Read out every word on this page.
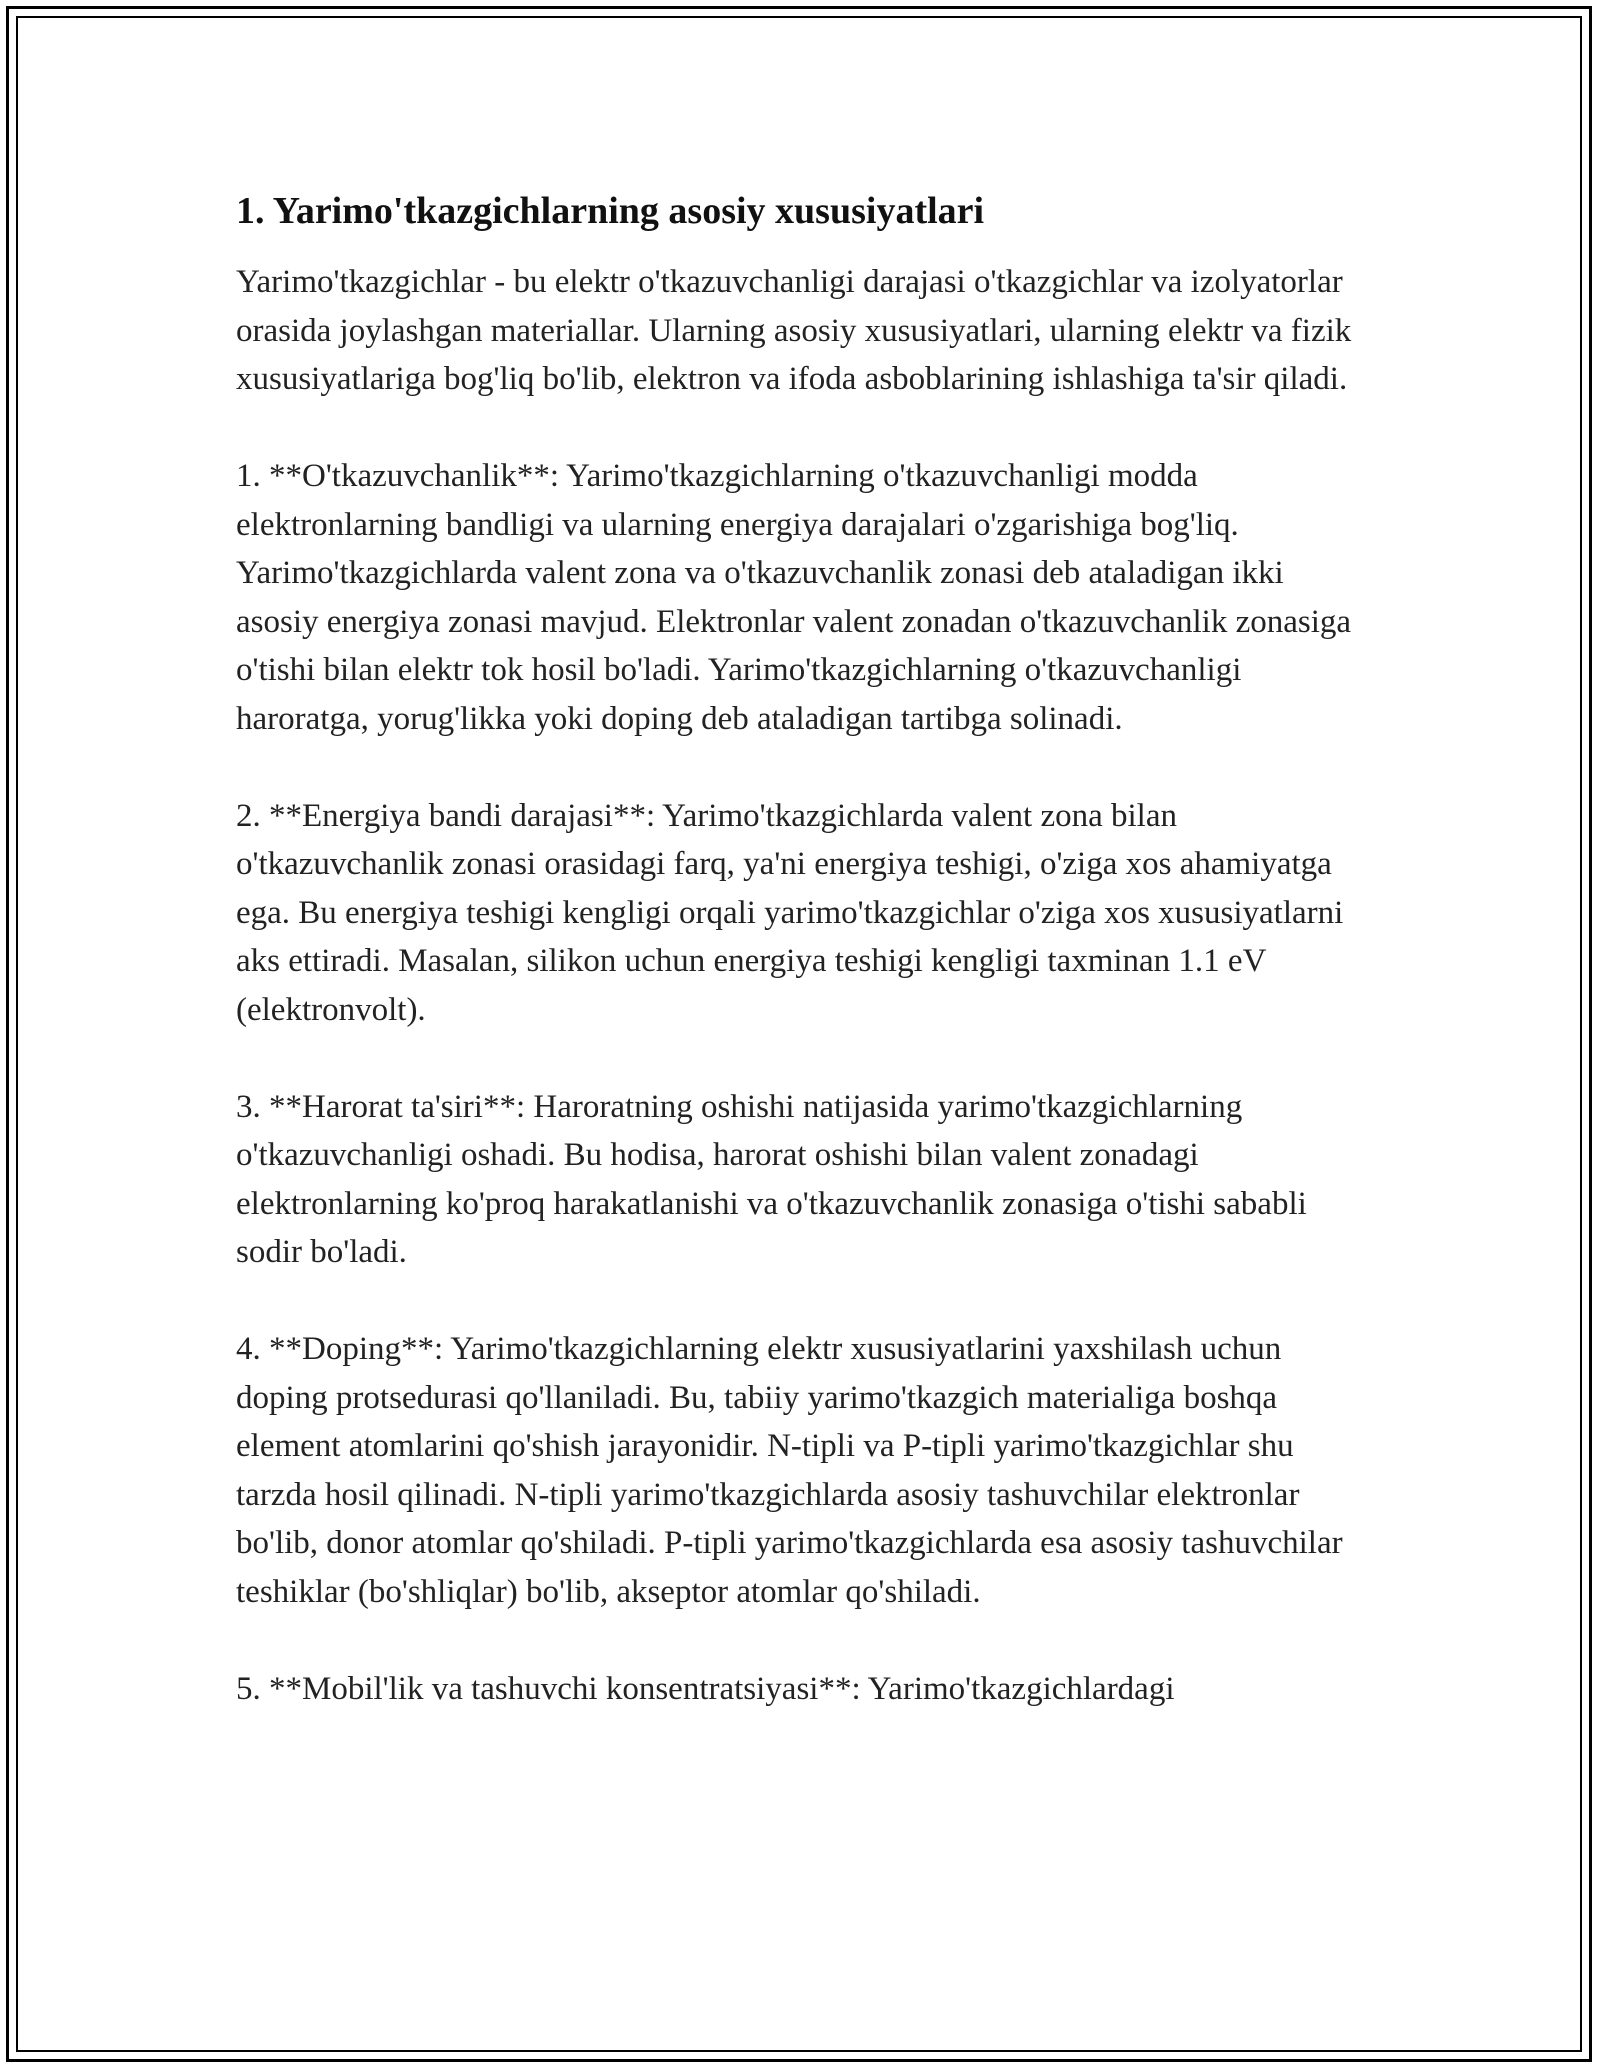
1. Yarimo'tkazgichlarning asosiy xususiyatlari

Yarimo'tkazgichlar - bu elektr o'tkazuvchanligi darajasi o'tkazgichlar va izolyatorlar orasida joylashgan materiallar. Ularning asosiy xususiyatlari, ularning elektr va fizik xususiyatlariga bog'liq bo'lib, elektron va ifoda asboblarining ishlashiga ta'sir qiladi.

1. **O'tkazuvchanlik**: Yarimo'tkazgichlarning o'tkazuvchanligi modda elektronlarning bandligi va ularning energiya darajalari o'zgarishiga bog'liq. Yarimo'tkazgichlarda valent zona va o'tkazuvchanlik zonasi deb ataladigan ikki asosiy energiya zonasi mavjud. Elektronlar valent zonadan o'tkazuvchanlik zonasiga o'tishi bilan elektr tok hosil bo'ladi. Yarimo'tkazgichlarning o'tkazuvchanligi haroratga, yorug'likka yoki doping deb ataladigan tartibga solinadi.

2. **Energiya bandi darajasi**: Yarimo'tkazgichlarda valent zona bilan o'tkazuvchanlik zonasi orasidagi farq, ya'ni energiya teshigi, o'ziga xos ahamiyatga ega. Bu energiya teshigi kengligi orqali yarimo'tkazgichlar o'ziga xos xususiyatlarni aks ettiradi. Masalan, silikon uchun energiya teshigi kengligi taxminan 1.1 eV (elektronvolt).

3. **Harorat ta'siri**: Haroratning oshishi natijasida yarimo'tkazgichlarning o'tkazuvchanligi oshadi. Bu hodisa, harorat oshishi bilan valent zonadagi elektronlarning ko'proq harakatlanishi va o'tkazuvchanlik zonasiga o'tishi sababli sodir bo'ladi.

4. **Doping**: Yarimo'tkazgichlarning elektr xususiyatlarini yaxshilash uchun doping protsedurasi qo'llaniladi. Bu, tabiiy yarimo'tkazgich materialiga boshqa element atomlarini qo'shish jarayonidir. N-tipli va P-tipli yarimo'tkazgichlar shu tarzda hosil qilinadi. N-tipli yarimo'tkazgichlarda asosiy tashuvchilar elektronlar bo'lib, donor atomlar qo'shiladi. P-tipli yarimo'tkazgichlarda esa asosiy tashuvchilar teshiklar (bo'shliqlar) bo'lib, akseptor atomlar qo'shiladi.

5. **Mobil'lik va tashuvchi konsentratsiyasi**: Yarimo'tkazgichlardagi
